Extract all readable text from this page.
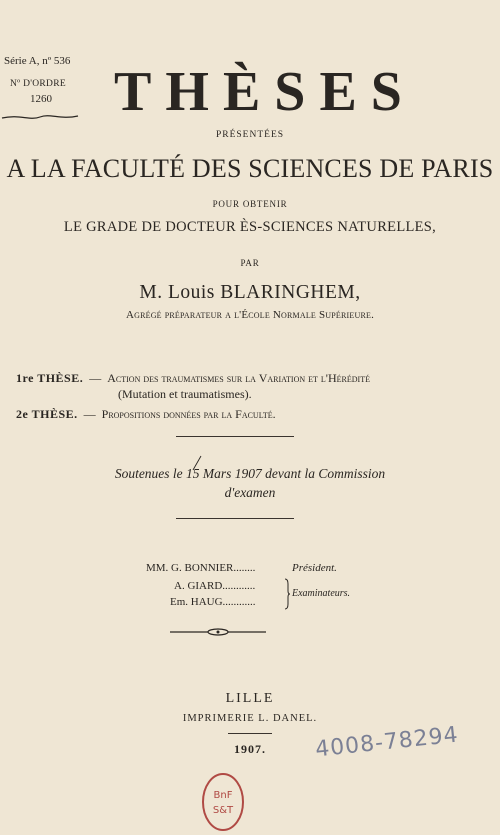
Série A, nº 536
Nº D'ORDRE
1260	THÈSES
PRÉSENTÉES
A LA FACULTÉ DES SCIENCES DE PARIS
POUR OBTENIR
LE GRADE DE DOCTEUR ÈS-SCIENCES NATURELLES,
PAR
M. Louis BLARINGHEM,
Agrégé préparateur a l'École Normale Supérieure.
1re THÈSE. — Action des traumatismes sur la Variation et l'Hérédité
(Mutation et traumatismes).
2e THÈSE. — Propositions données par la Faculté.
Soutenues le 15 Mars 1907 devant la Commission
d'examen
MM. G. BONNIER........	Président.
A. GIARD............
Em. HAUG............
Examinateurs.
LILLE
IMPRIMERIE L. DANEL.
1907.	4008-78294
BnF
S&T
